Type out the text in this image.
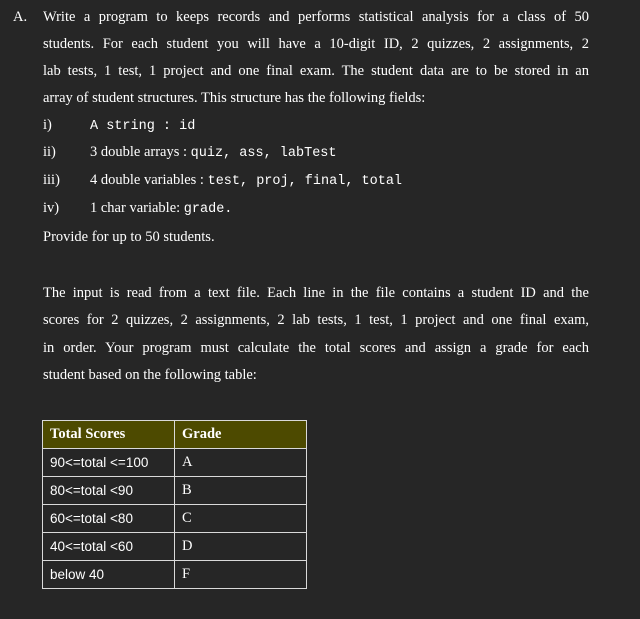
A. Write a program to keeps records and performs statistical analysis for a class of 50
students. For each student you will have a 10-digit ID, 2 quizzes, 2 assignments, 2
lab tests, 1 test, 1 project and one final exam. The student data are to be stored in an
array of student structures. This structure has the following fields:
i)	A string : id
ii) 3 double arrays : quiz, ass, labTest
iii) 4 double variables : test, proj, final, total
iv) 1 char variable: grade.
Provide for up to 50 students.
The input is read from a text file. Each line in the file contains a student ID and the
scores for 2 quizzes, 2 assignments, 2 lab tests, 1 test, 1 project and one final exam,
in order. Your program must calculate the total scores and assign a grade for each
student based on the following table:
Total Scores	Grade
90<=total <=100	A
80<=total <90	B
60<=total <80	C
40<=total <60	D
below 40	F
